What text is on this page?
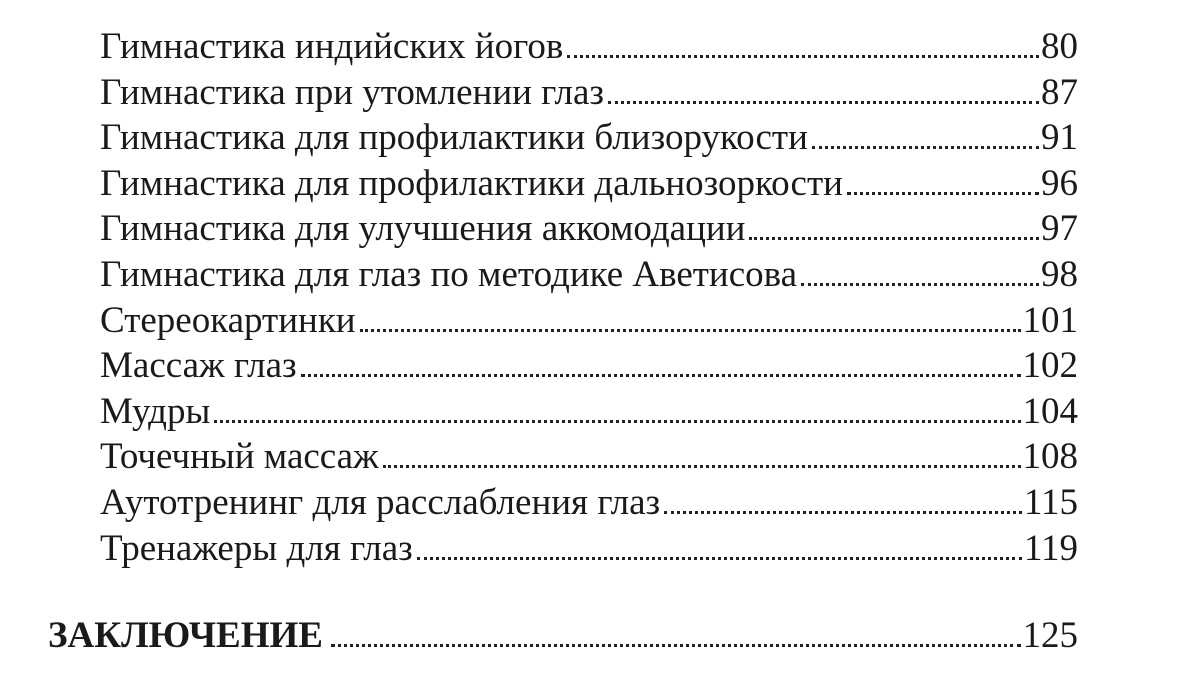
Гимнастика индийских йогов	80
Гимнастика при утомлении глаз	87
Гимнастика для профилактики близорукости	91
Гимнастика для профилактики дальнозоркости	96
Гимнастика для улучшения аккомодации	97
Гимнастика для глаз по методике Аветисова	98
Стереокартинки	101
Массаж глаз	102
Мудры	104
Точечный массаж	108
Аутотренинг для расслабления глаз	115
Тренажеры для глаз	119
ЗАКЛЮЧЕНИЕ	125
